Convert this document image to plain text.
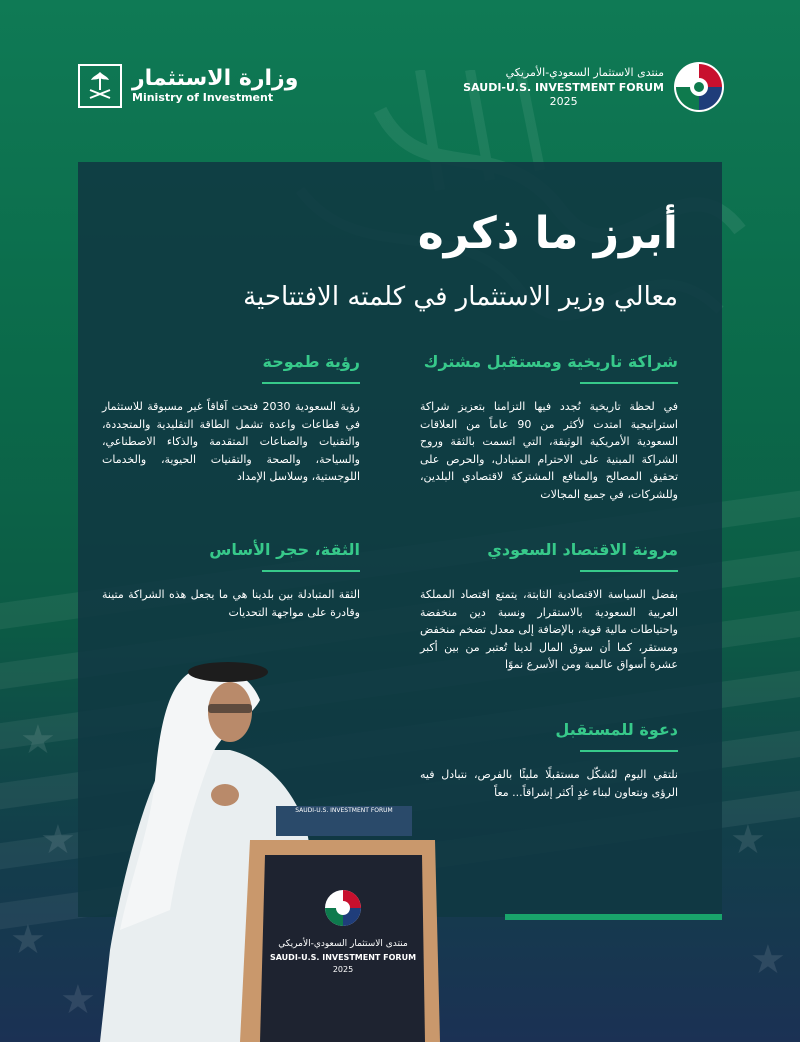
★
★
★
★
★
★
وزارة الاستثمار
Ministry of Investment
منتدى الاستثمار السعودي-الأمريكي
SAUDI-U.S. INVESTMENT FORUM
2025
أبرز ما ذكره
معالي وزير الاستثمار في كلمته الافتتاحية
شراكة تاريخية ومستقبل مشترك

في لحظة تاريخية نُجدد فيها التزامنا بتعزيز شراكة استراتيجية امتدت لأكثر من 90 عاماً من العلاقات السعودية الأمريكية الوثيقة، التي اتسمت بالثقة وروح الشراكة المبنية على الاحترام المتبادل، والحرص على تحقيق المصالح والمنافع المشتركة لاقتصادي البلدين، وللشركات، في جميع المجالات

رؤية طموحة

رؤية السعودية 2030 فتحت آفاقاً غير مسبوقة للاستثمار في قطاعات واعدة تشمل الطاقة التقليدية والمتجددة، والتقنيات والصناعات المتقدمة والذكاء الاصطناعي، والسياحة، والصحة والتقنيات الحيوية، والخدمات اللوجستية، وسلاسل الإمداد

مرونة الاقتصاد السعودي

بفضل السياسة الاقتصادية الثابتة، يتمتع اقتصاد المملكة العربية السعودية بالاستقرار ونسبة دين منخفضة واحتياطات مالية قوية، بالإضافة إلى معدل تضخم منخفض ومستقر، كما أن سوق المال لدينا تُعتبر من بين أكبر عشرة أسواق عالمية ومن الأسرع نموًا

الثقة، حجر الأساس

الثقة المتبادلة بين بلدينا هي ما يجعل هذه الشراكة متينة وقادرة على مواجهة التحديات

دعوة للمستقبل

نلتقي اليوم لنُشكّل مستقبلًا مليئًا بالفرص، نتبادل فيه الرؤى ونتعاون لبناء غدٍ أكثر إشراقاً... معاً

منتدى الاستثمار السعودي-الأمريكي
SAUDI-U.S. INVESTMENT FORUM
2025
SAUDI-U.S. INVESTMENT FORUM
